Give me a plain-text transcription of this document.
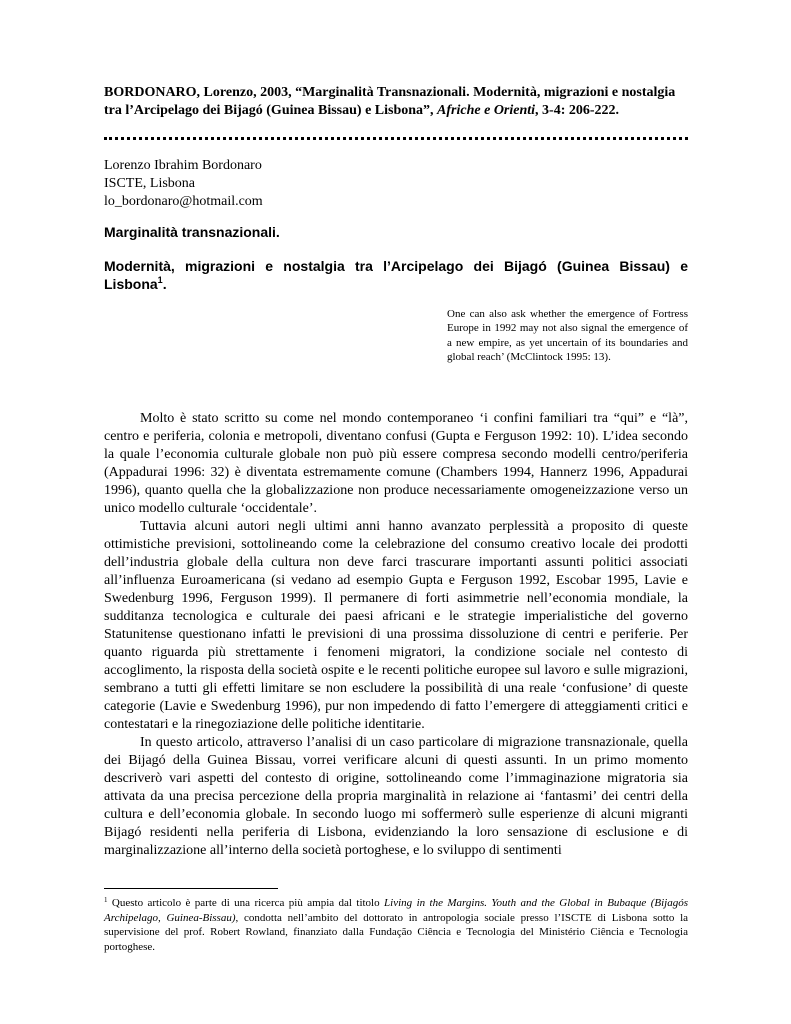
BORDONARO, Lorenzo, 2003, “Marginalità Transnazionali. Modernità, migrazioni e nostalgia tra l’Arcipelago dei Bijagó (Guinea Bissau) e Lisbona”, Afriche e Orienti, 3-4: 206-222.
Lorenzo Ibrahim Bordonaro
ISCTE, Lisbona
lo_bordonaro@hotmail.com
Marginalità transnazionali.
Modernità, migrazioni e nostalgia tra l’Arcipelago dei Bijagó (Guinea Bissau) e Lisbona$^1$.
One can also ask whether the emergence of Fortress Europe in 1992 may not also signal the emergence of a new empire, as yet uncertain of its boundaries and global reach’ (McClintock 1995: 13).

Molto è stato scritto su come nel mondo contemporaneo ‘i confini familiari tra “qui” e “là”, centro e periferia, colonia e metropoli, diventano confusi (Gupta e Ferguson 1992: 10). L’idea secondo la quale l’economia culturale globale non può più essere compresa secondo modelli centro/periferia (Appadurai 1996: 32) è diventata estremamente comune (Chambers 1994, Hannerz 1996, Appadurai 1996), quanto quella che la globalizzazione non produce necessariamente omogeneizzazione verso un unico modello culturale ‘occidentale’.

Tuttavia alcuni autori negli ultimi anni hanno avanzato perplessità a proposito di queste ottimistiche previsioni, sottolineando come la celebrazione del consumo creativo locale dei prodotti dell’industria globale della cultura non deve farci trascurare importanti assunti politici associati all’influenza Euroamericana (si vedano ad esempio Gupta e Ferguson 1992, Escobar 1995, Lavie e Swedenburg 1996, Ferguson 1999). Il permanere di forti asimmetrie nell’economia mondiale, la sudditanza tecnologica e culturale dei paesi africani e le strategie imperialistiche del governo Statunitense questionano infatti le previsioni di una prossima dissoluzione di centri e periferie. Per quanto riguarda più strettamente i fenomeni migratori, la condizione sociale nel contesto di accoglimento, la risposta della società ospite e le recenti politiche europee sul lavoro e sulle migrazioni, sembrano a tutti gli effetti limitare se non escludere la possibilità di una reale ‘confusione’ di queste categorie (Lavie e Swedenburg 1996), pur non impedendo di fatto l’emergere di atteggiamenti critici e contestatari e la rinegoziazione delle politiche identitarie.

In questo articolo, attraverso l’analisi di un caso particolare di migrazione transnazionale, quella dei Bijagó della Guinea Bissau, vorrei verificare alcuni di questi assunti. In un primo momento descriverò vari aspetti del contesto di origine, sottolineando come l’immaginazione migratoria sia attivata da una precisa percezione della propria marginalità in relazione ai ‘fantasmi’ dei centri della cultura e dell’economia globale. In secondo luogo mi soffermerò sulle esperienze di alcuni migranti Bijagó residenti nella periferia di Lisbona, evidenziando la loro sensazione di esclusione e di marginalizzazione all’interno della società portoghese, e lo sviluppo di sentimenti

$^1$ Questo articolo è parte di una ricerca più ampia dal titolo Living in the Margins. Youth and the Global in Bubaque (Bijagós Archipelago, Guinea-Bissau), condotta nell’ambito del dottorato in antropologia sociale presso l’ISCTE di Lisbona sotto la supervisione del prof. Robert Rowland, finanziato dalla Fundação Ciência e Tecnologia del Ministério Ciência e Tecnologia portoghese.
